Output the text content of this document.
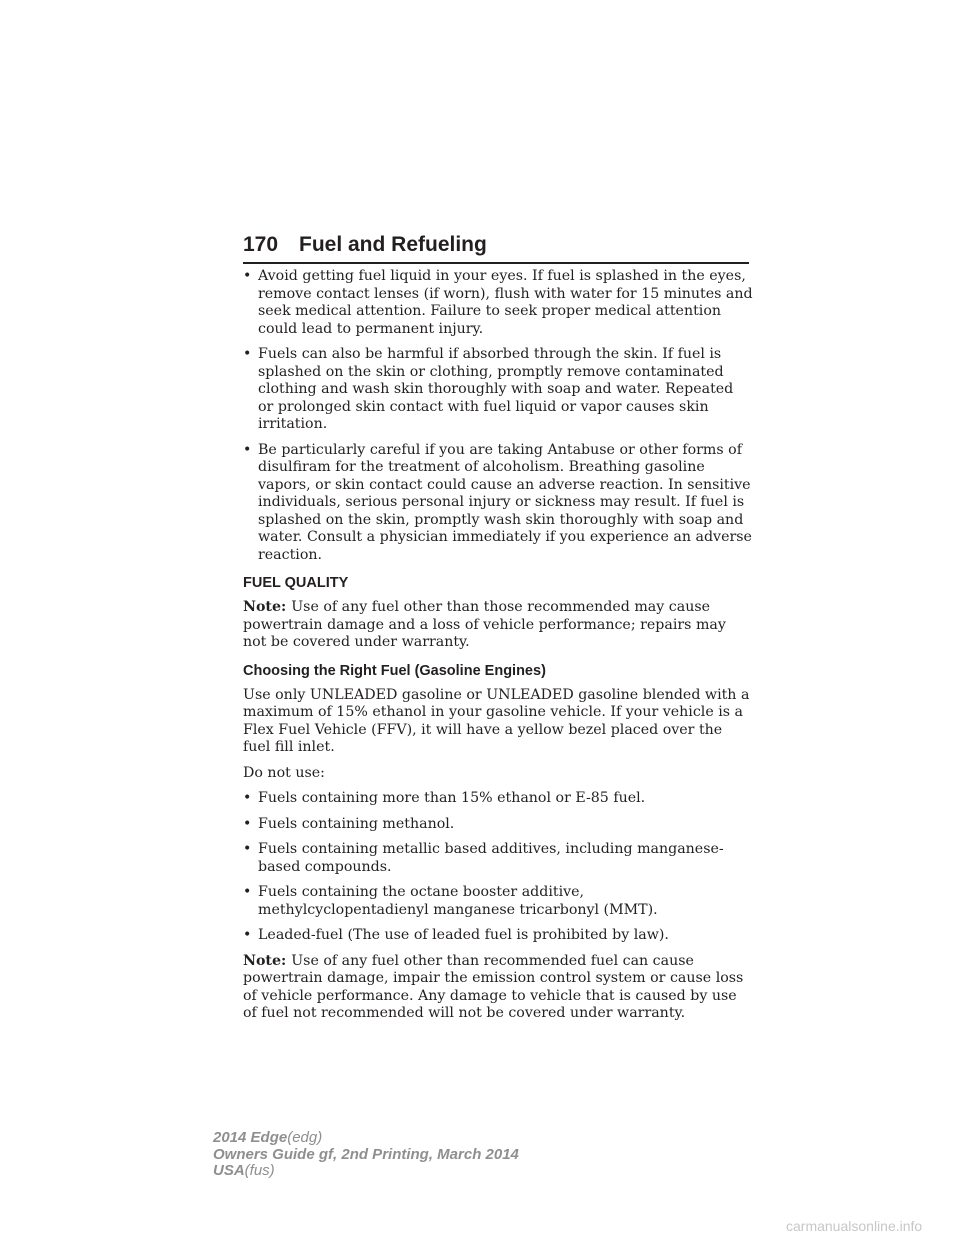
170 Fuel and Refueling
• Avoid getting fuel liquid in your eyes. If fuel is splashed in the eyes, remove contact lenses (if worn), flush with water for 15 minutes and seek medical attention. Failure to seek proper medical attention could lead to permanent injury.
• Fuels can also be harmful if absorbed through the skin. If fuel is splashed on the skin or clothing, promptly remove contaminated clothing and wash skin thoroughly with soap and water. Repeated or prolonged skin contact with fuel liquid or vapor causes skin irritation.
• Be particularly careful if you are taking Antabuse or other forms of disulfiram for the treatment of alcoholism. Breathing gasoline vapors, or skin contact could cause an adverse reaction. In sensitive individuals, serious personal injury or sickness may result. If fuel is splashed on the skin, promptly wash skin thoroughly with soap and water. Consult a physician immediately if you experience an adverse reaction.
FUEL QUALITY

Note: Use of any fuel other than those recommended may cause powertrain damage and a loss of vehicle performance; repairs may not be covered under warranty.

Choosing the Right Fuel (Gasoline Engines)

Use only UNLEADED gasoline or UNLEADED gasoline blended with a maximum of 15% ethanol in your gasoline vehicle. If your vehicle is a Flex Fuel Vehicle (FFV), it will have a yellow bezel placed over the fuel fill inlet.

Do not use:

• Fuels containing more than 15% ethanol or E-85 fuel.
• Fuels containing methanol.
• Fuels containing metallic based additives, including manganese-based compounds.
• Fuels containing the octane booster additive, methylcyclopentadienyl manganese tricarbonyl (MMT).
• Leaded-fuel (The use of leaded fuel is prohibited by law).

Note: Use of any fuel other than recommended fuel can cause powertrain damage, impair the emission control system or cause loss of vehicle performance. Any damage to vehicle that is caused by use of fuel not recommended will not be covered under warranty.

2014 Edge(edg)
Owners Guide gf, 2nd Printing, March 2014
USA(fus)
carmanualsonline.info
